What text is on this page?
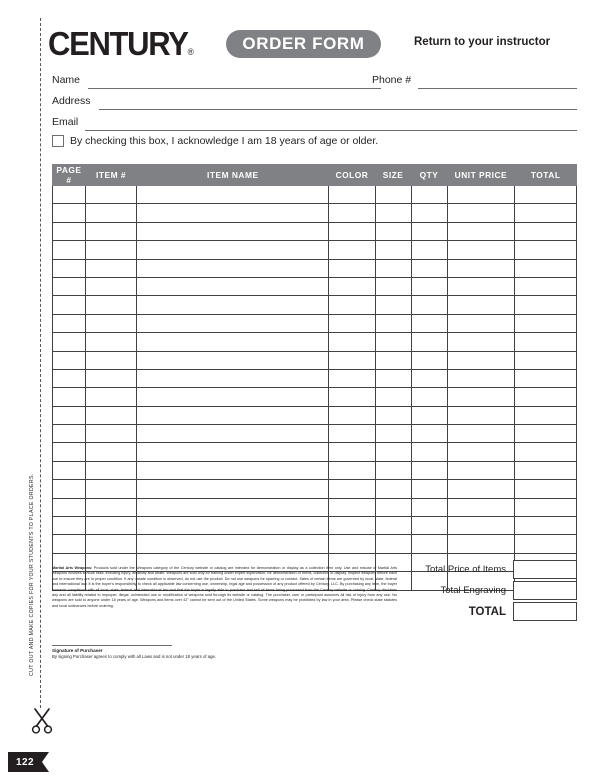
CUT OUT AND MAKE COPIES FOR YOUR STUDENTS TO PLACE ORDERS.
122
CENTURY®	ORDER FORM	Return to your instructor
Name	Phone #
Address
Email
By checking this box, I acknowledge I am 18 years of age or older.
PAGE #	ITEM #	ITEM NAME	COLOR	SIZE	QTY	UNIT PRICE	TOTAL

Total Price of Items
Total Engraving
TOTAL
Martial Arts Weapons: Products sold under the Weapons category of the Century website or catalog are intended for demonstration or display as a collection item only. Use and misuse of Martial Arts weapons involves serious risks, including injury, disability and death. Weapons are sold only for training under expert supervision, for demonstration or forms, collection or display. Inspect weapons before each use to ensure they are in proper condition. If any unsafe condition is observed, do not use the product. Do not use weapons for sparring or contact. Sales of certain items are governed by local, state, federal and international law. It is the buyer's responsibility to check all applicable law concerning use, ownership, legal age and possession of any product offered by Century, LLC. By purchasing any item, the buyer warrants compliance with all local, state, federal and international law and that the buyer is legally able to purchase and sell all items being purchased from the Century website or catalog. Century disclaims any and all liability related to improper, illegal, unintended use or modification of weapons sold through its website or catalog. The purchaser, user or participant assumes all risk of injury from any use. No weapons are sold to anyone under 18 years of age. Weapons and items over 42" cannot be sent out of the United States. Some weapons may be prohibited by law in your area. Please check state statutes and local ordinances before ordering.
Signature of Purchaser
By signing Purchaser agrees to comply with all Laws and is not under 18 years of age.
